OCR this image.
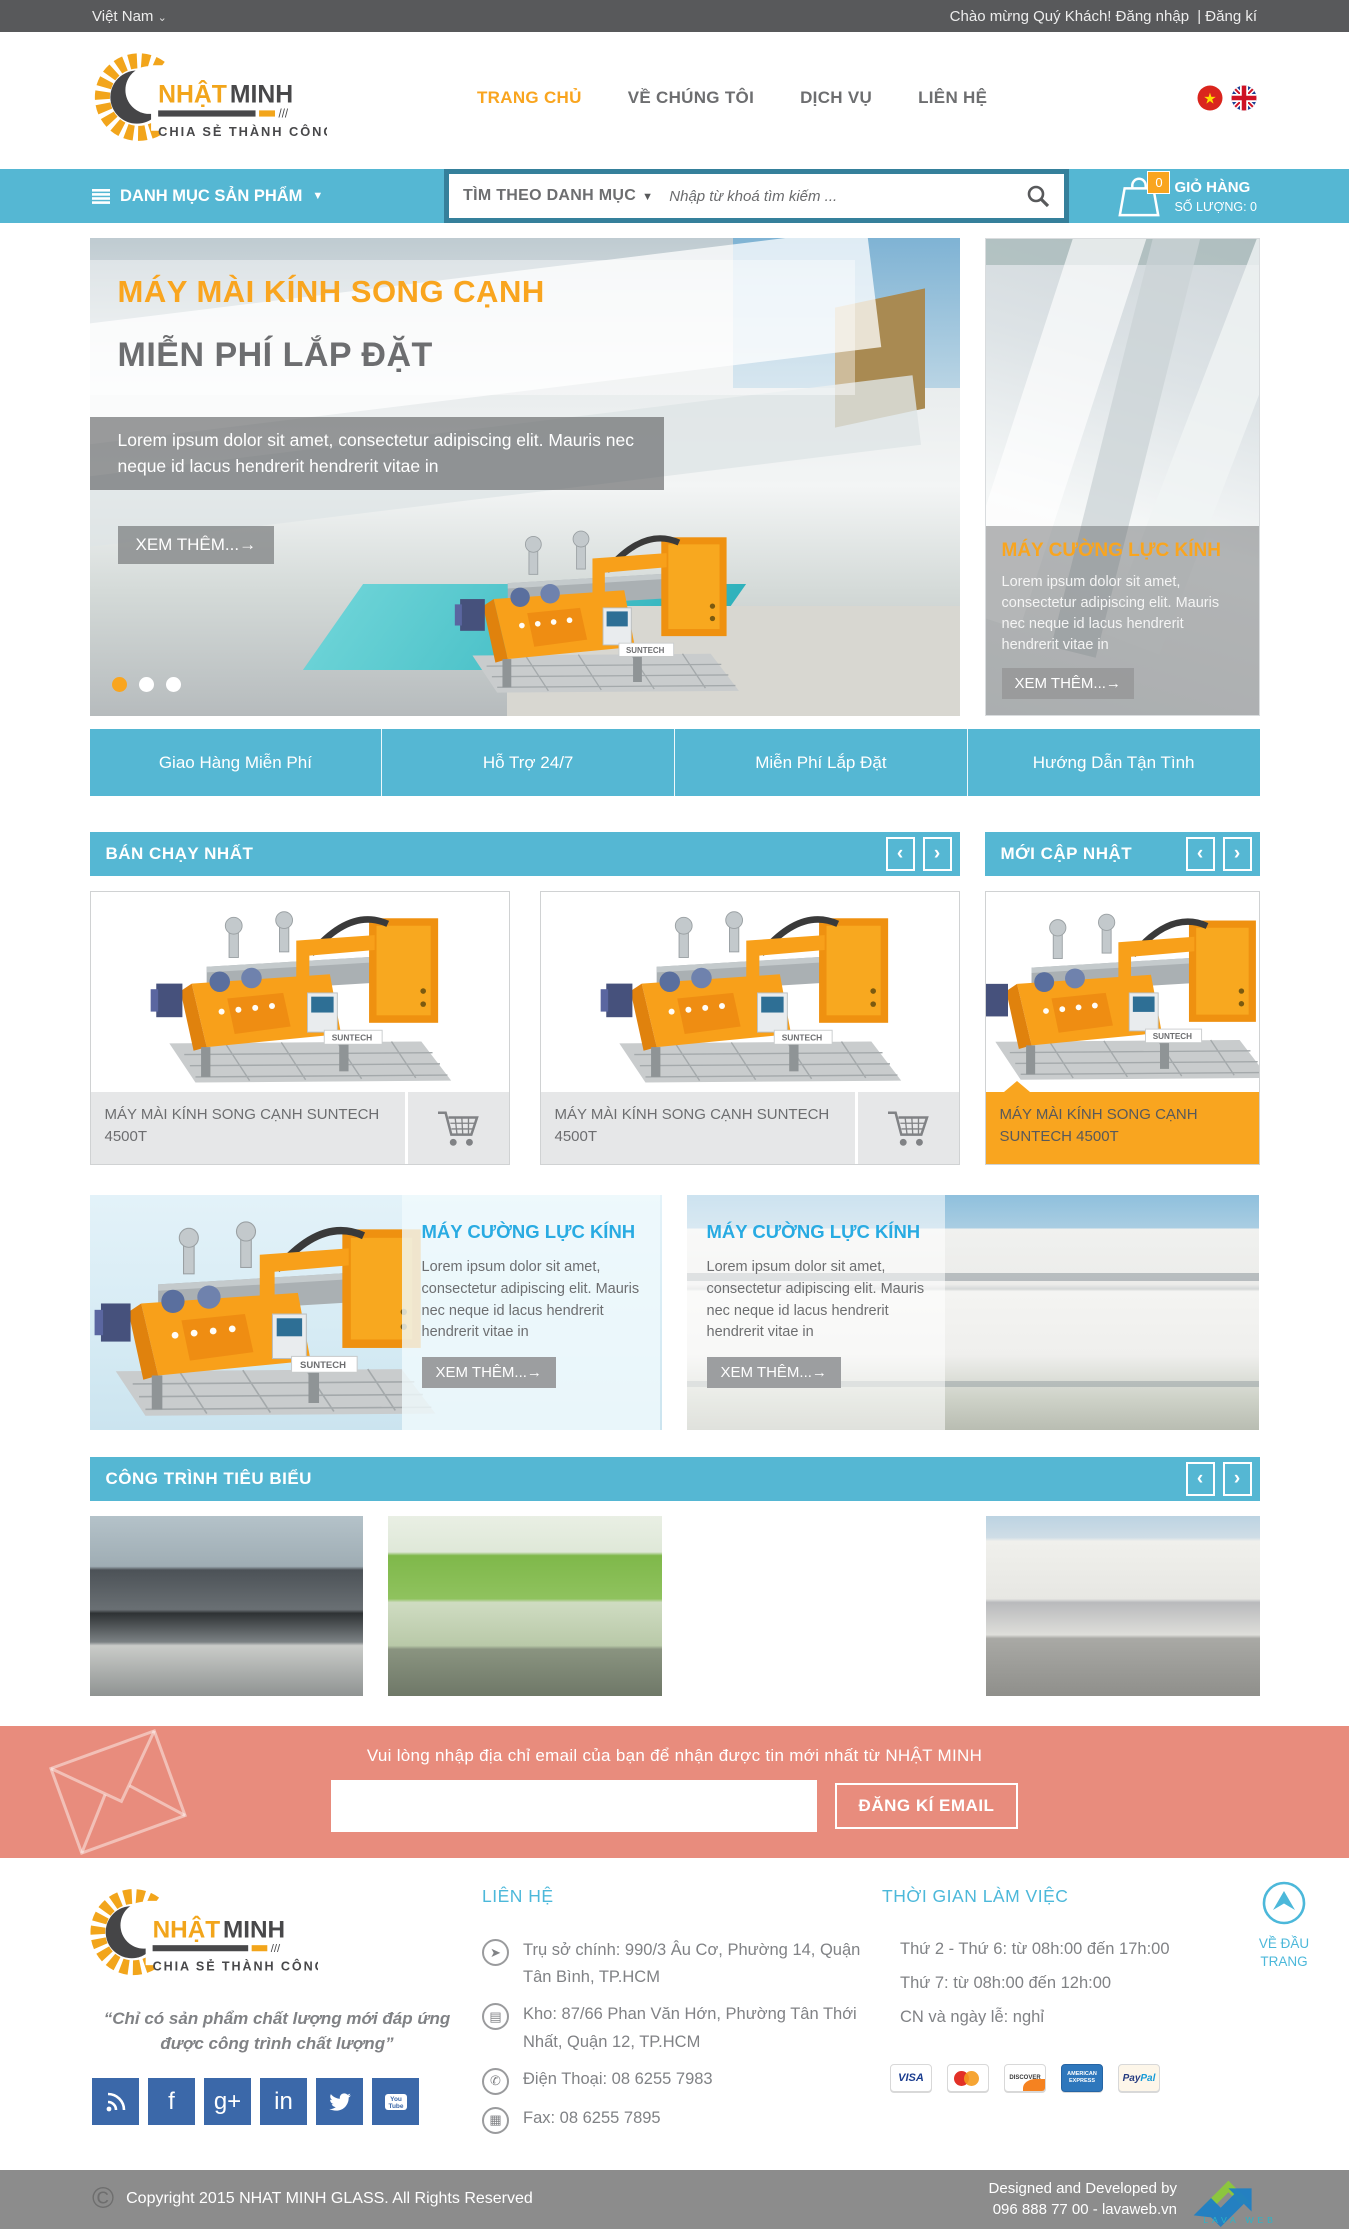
Việt Nam ⌄	Chào mừng Quý Khách! Đăng nhập | Đăng kí
TRANG CHỦ	VỀ CHÚNG TÔI	DỊCH VỤ	LIÊN HỆ	★
DANH MỤC SẢN PHẨM ▼	TÌM THEO DANH MỤC ▼
Nhập từ khoá tìm kiếm ...
0 GIỎ HÀNG
SỐ LƯỢNG: 0
MÁY MÀI KÍNH SONG CẠNH
MIỄN PHÍ LẮP ĐẶT
Lorem ipsum dolor sit amet, consectetur adipiscing elit. Mauris nec neque id lacus hendrerit hendrerit vitae in
XEM THÊM...→	MÁY CƯỜNG LỰC KÍNH
Lorem ipsum dolor sit amet, consectetur adipiscing elit. Mauris nec neque id lacus hendrerit hendrerit vitae in
XEM THÊM...→
Giao Hàng Miễn Phí	Hỗ Trợ 24/7	Miễn Phí Lắp Đặt	Hướng Dẫn Tận Tình
BÁN CHẠY NHẤT	‹	›
MÁY MÀI KÍNH SONG CẠNH SUNTECH 4500T
MÁY MÀI KÍNH SONG CẠNH SUNTECH 4500T
MỚI CẬP NHẬT	‹	›
MÁY MÀI KÍNH SONG CẠNH SUNTECH 4500T
MÁY CƯỜNG LỰC KÍNH
Lorem ipsum dolor sit amet, consectetur adipiscing elit. Mauris nec neque id lacus hendrerit hendrerit vitae in
XEM THÊM...→
MÁY CƯỜNG LỰC KÍNH
Lorem ipsum dolor sit amet, consectetur adipiscing elit. Mauris nec neque id lacus hendrerit hendrerit vitae in
XEM THÊM...→
CÔNG TRÌNH TIÊU BIỂU	‹	›
Vui lòng nhập địa chỉ email của bạn để nhận được tin mới nhất từ NHẬT MINH
ĐĂNG KÍ EMAIL
“Chỉ có sản phẩm chất lượng mới đáp ứng được công trình chất lượng”
f	g+	in	You
Tube
LIÊN HỆ
➤	Trụ sở chính: 990/3 Âu Cơ, Phường 14, Quận Tân Bình, TP.HCM
▤	Kho: 87/66 Phan Văn Hớn, Phường Tân Thới Nhất, Quận 12, TP.HCM
✆	Điện Thoại: 08 6255 7983
▦	Fax: 08 6255 7895
THỜI GIAN LÀM VIỆC
Thứ 2 - Thứ 6: từ 08h:00 đến 17h:00
Thứ 7: từ 08h:00 đến 12h:00
CN và ngày lễ: nghỉ
VISA	DISCOVER
AMERICAN
EXPRESS	Pay Pal
VỀ ĐẦU TRANG
© Copyright 2015 NHAT MINH GLASS. All Rights Reserved
Designed and Developed by
096 888 77 00 - lavaweb.vn
LAVA WEB
